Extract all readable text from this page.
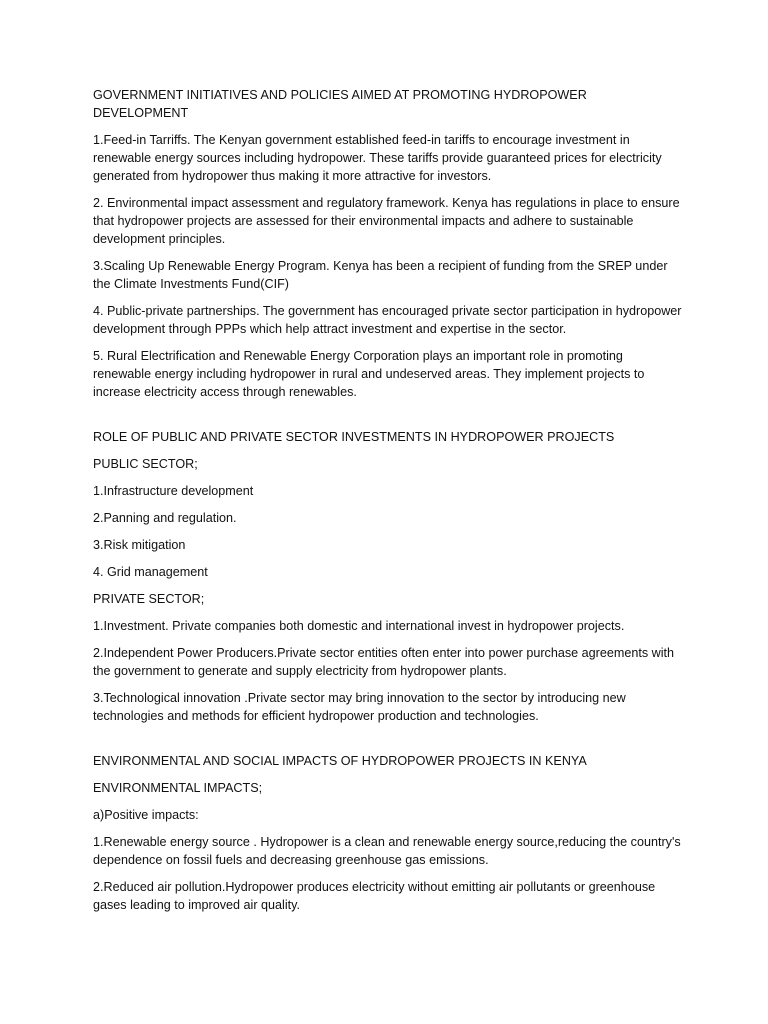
GOVERNMENT INITIATIVES AND POLICIES AIMED AT PROMOTING HYDROPOWER DEVELOPMENT

1.Feed-in Tarriffs. The Kenyan government established feed-in tariffs to encourage investment in renewable energy sources including hydropower. These tariffs provide guaranteed prices for electricity generated from hydropower thus making it more attractive for investors.

2. Environmental impact assessment and regulatory framework. Kenya has regulations in place to ensure that hydropower projects are assessed for their environmental impacts and adhere to sustainable development principles.

3.Scaling Up Renewable Energy Program. Kenya has been a recipient of funding from the SREP under the Climate Investments Fund(CIF)

4. Public-private partnerships. The government has encouraged private sector participation in hydropower development through PPPs which help attract investment and expertise in the sector.

5. Rural Electrification and Renewable Energy Corporation plays an important role in promoting renewable energy including hydropower in rural and undeserved areas. They implement projects to increase electricity access through renewables.

ROLE OF PUBLIC AND PRIVATE SECTOR INVESTMENTS IN HYDROPOWER PROJECTS

PUBLIC SECTOR;

1.Infrastructure development

2.Panning and regulation.

3.Risk mitigation

4. Grid management

PRIVATE SECTOR;

1.Investment. Private companies both domestic and international invest in hydropower projects.

2.Independent Power Producers.Private sector entities often enter into power purchase agreements with the government to generate and supply electricity from hydropower plants.

3.Technological innovation .Private sector may bring innovation to the sector by introducing new technologies and methods for efficient hydropower production and technologies.

ENVIRONMENTAL AND SOCIAL IMPACTS OF HYDROPOWER PROJECTS IN KENYA

ENVIRONMENTAL IMPACTS;

a)Positive impacts:

1.Renewable energy source . Hydropower is a clean and renewable energy source,reducing the country's dependence on fossil fuels and decreasing greenhouse gas emissions.

2.Reduced air pollution.Hydropower produces electricity without emitting air pollutants or greenhouse gases leading to improved air quality.
